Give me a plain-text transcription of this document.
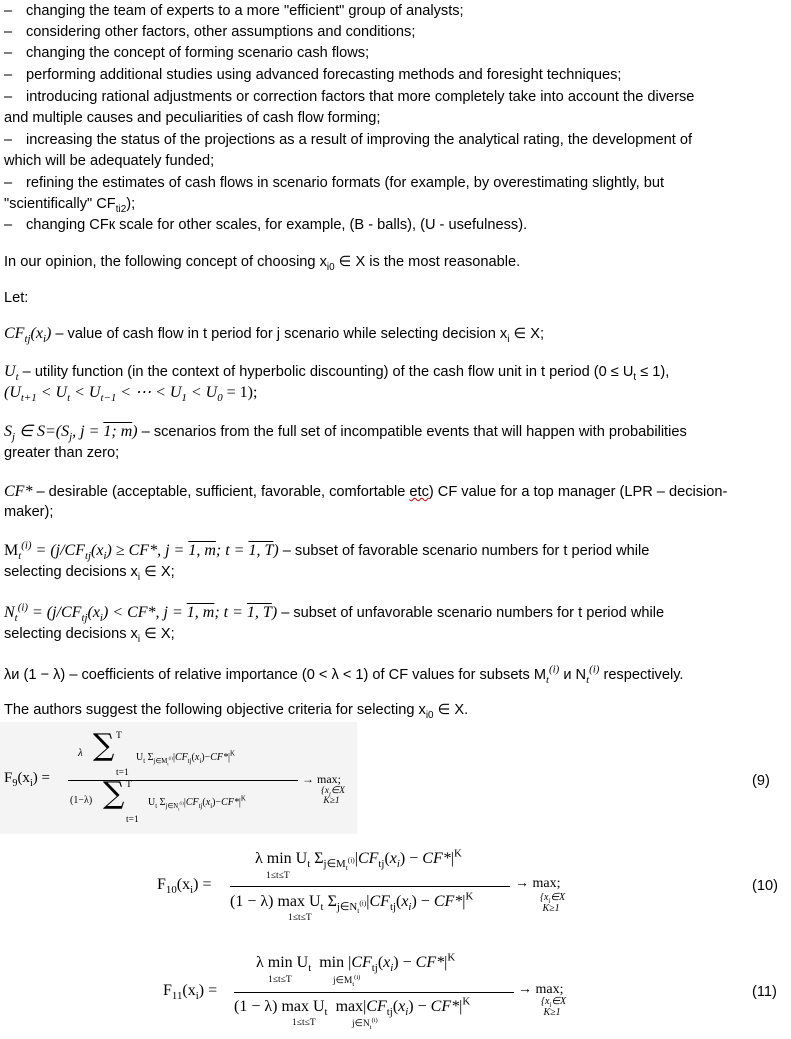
– changing the team of experts to a more "efficient" group of analysts;
– considering other factors, other assumptions and conditions;
– changing the concept of forming scenario cash flows;
– performing additional studies using advanced forecasting methods and foresight techniques;
– introducing rational adjustments or correction factors that more completely take into account the diverse
and multiple causes and peculiarities of cash flow forming;
– increasing the status of the projections as a result of improving the analytical rating, the development of
which will be adequately funded;
– refining the estimates of cash flows in scenario formats (for example, by overestimating slightly, but
"scientifically" $CF_{ti2}$);
– changing CFк scale for other scales, for example, (B - balls), (U - usefulness).
In our opinion, the following concept of choosing $x_{i0}$ ∈ X is the most reasonable.
Let:
$CF_{tj}(x_i)$ – value of cash flow in t period for j scenario while selecting decision $x_i$ ∈ X;
$U_t$ – utility function (in the context of hyperbolic discounting) of the cash flow unit in t period $(0 \le U_t \le 1)$,
($U_{t+1} < U_t < U_{t-1}$ < ⋯ < $U_1 < U_0 = 1$);
$S_j$ ∈ $S=(S_j$, j = 1; m) – scenarios from the full set of incompatible events that will happen with probabilities
greater than zero;
CF* – desirable (acceptable, sufficient, favorable, comfortable etc) CF value for a top manager (LPR – decision-
maker);
$M_t^{(i)} = (j/CF_{tj}(x_i) \ge CF*$, j = 1, m; t = 1, T) – subset of favorable scenario numbers for t period while
selecting decisions $x_i$ ∈ X;
$N_t^{(i)} = (j/CF_{tj}(x_i) < CF*$, j = 1, m; t = 1, T) – subset of unfavorable scenario numbers for t period while
selecting decisions $x_i$ ∈ X;
λи (1 − λ) – coefficients of relative importance (0 < λ < 1) of CF values for subsets $M_t^{(i)}$ и $N_t^{(i)}$ respectively.
The authors suggest the following objective criteria for selecting $x_{i0}$ ∈ X.
$F_9(x_i)$ =
λ ∑ T
t=1
$U_t$ $\Sigma_{j\in M_t^{(i)}}|CF_{tj}(x_i)-CF*|^K$
(1−λ) ∑ T
t=1
$U_t$ $\Sigma_{j\in N_t^{(i)}}|CF_{tj}(x_i)-CF*|^K$
→ max;
{$x_i\in X$
K≥1
(9)
$F_{10}(x_i)$ =
λ $\min U_t$ $\Sigma_{j\in M_t^{(i)}}|CF_{tj}(x_i) - CF*|^K$
1≤t≤T
(1 − λ) $\max U_t$ $\Sigma_{j\in N_t^{(i)}}|CF_{tj}(x_i) - CF*|^K$
1≤t≤T
→ max;
{$x_i\in X$
K≥1
(10)
$F_{11}(x_i)$ =
λ $\min U_t$  $\min |CF_{tj}(x_i) - CF*|^K$
1≤t≤T	$j\in M_t^{(i)}$
(1 − λ) $\max U_t$  $\max|CF_{tj}(x_i) - CF*|^K$
1≤t≤T	$j\in N_t^{(i)}$
→ max;
{$x_i\in X$
K≥1
(11)
